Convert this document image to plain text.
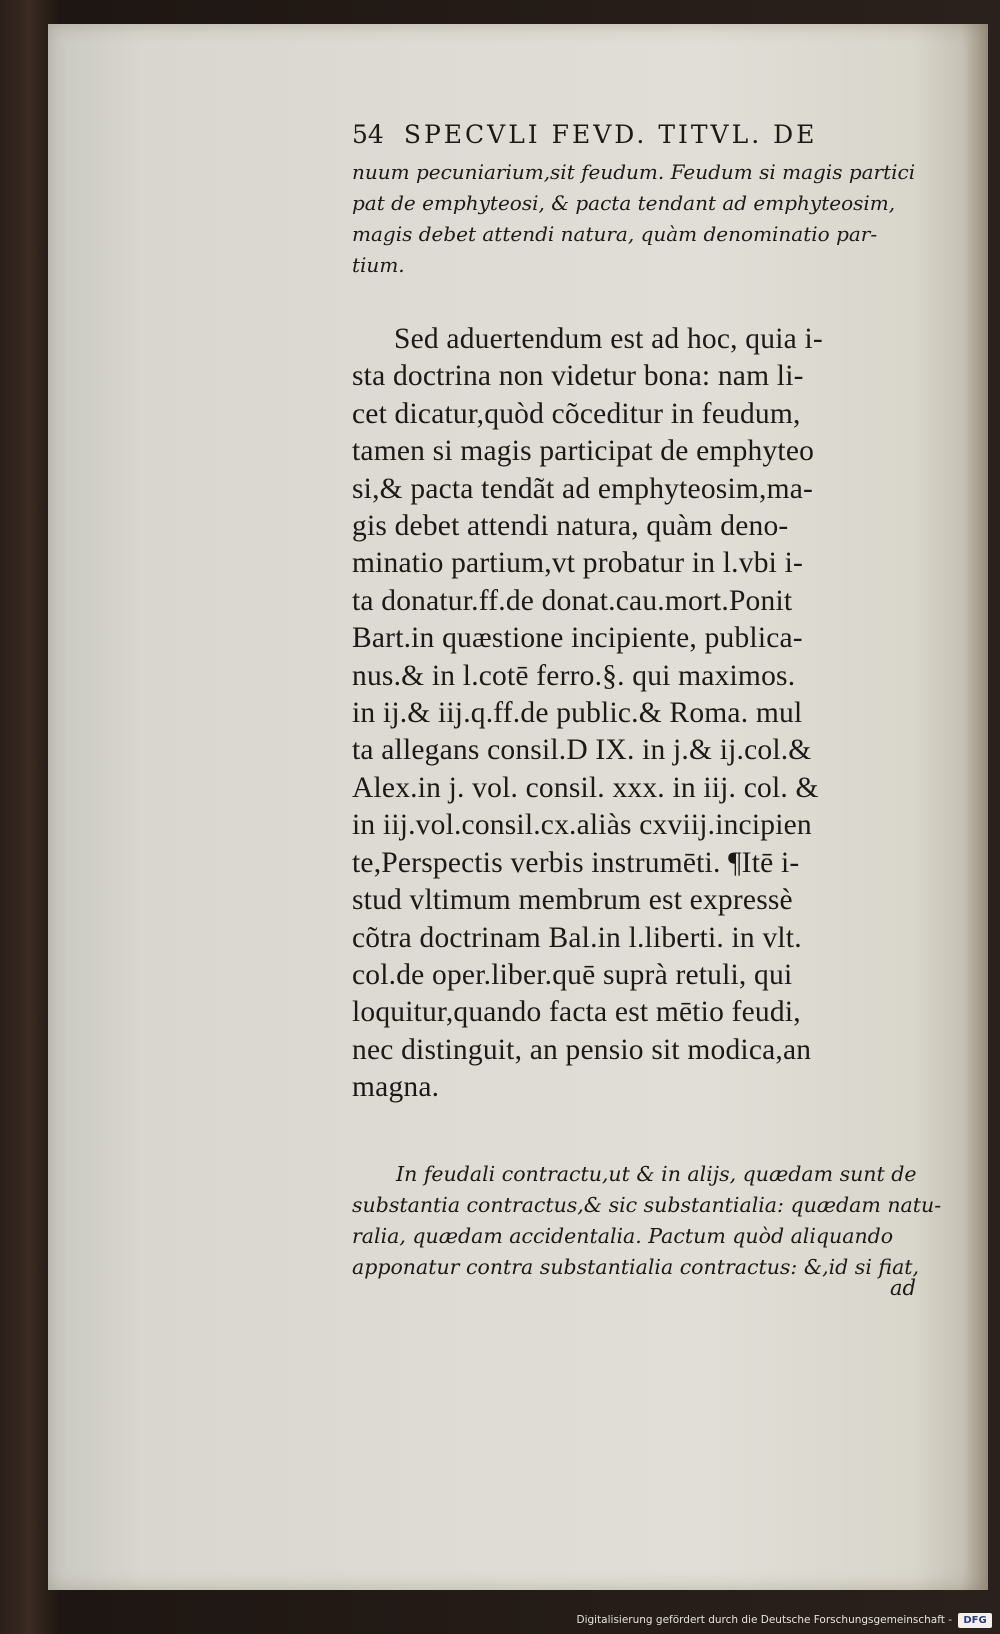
54 SPECVLI FEVD. TITVL. DE

nuum pecuniarium,sit feudum. Feudum si magis partici
pat de emphyteosi, & pacta tendant ad emphyteosim,
magis debet attendi natura, quàm denominatio par-
tium.

Sed aduertendum est ad hoc, quia i-
sta doctrina non videtur bona: nam li-
cet dicatur,quòd cõceditur in feudum,
tamen si magis participat de emphyteo
si,& pacta tendãt ad emphyteosim,ma-
gis debet attendi natura, quàm deno-
minatio partium,vt probatur in l.vbi i-
ta donatur.ff.de donat.cau.mort.Ponit
Bart.in quæstione incipiente, publica-
nus.& in l.cotē ferro.§. qui maximos.
in ij.& iij.q.ff.de public.& Roma. mul
ta allegans consil.D IX. in j.& ij.col.&
Alex.in j. vol. consil. xxx. in iij. col. &
in iij.vol.consil.cx.aliàs cxviij.incipien
te,Perspectis verbis instrumēti. ¶Itē i-
stud vltimum membrum est expressè
cõtra doctrinam Bal.in l.liberti. in vlt.
col.de oper.liber.quē suprà retuli, qui
loquitur,quando facta est mētio feudi,
nec distinguit, an pensio sit modica,an
magna.

In feudali contractu,ut & in alijs, quædam sunt de
substantia contractus,& sic substantialia: quædam natu-
ralia, quædam accidentalia. Pactum quòd aliquando
apponatur contra substantialia contractus: &,id si fiat,

ad
Digitalisierung gefördert durch die Deutsche Forschungsgemeinschaft -	DFG
